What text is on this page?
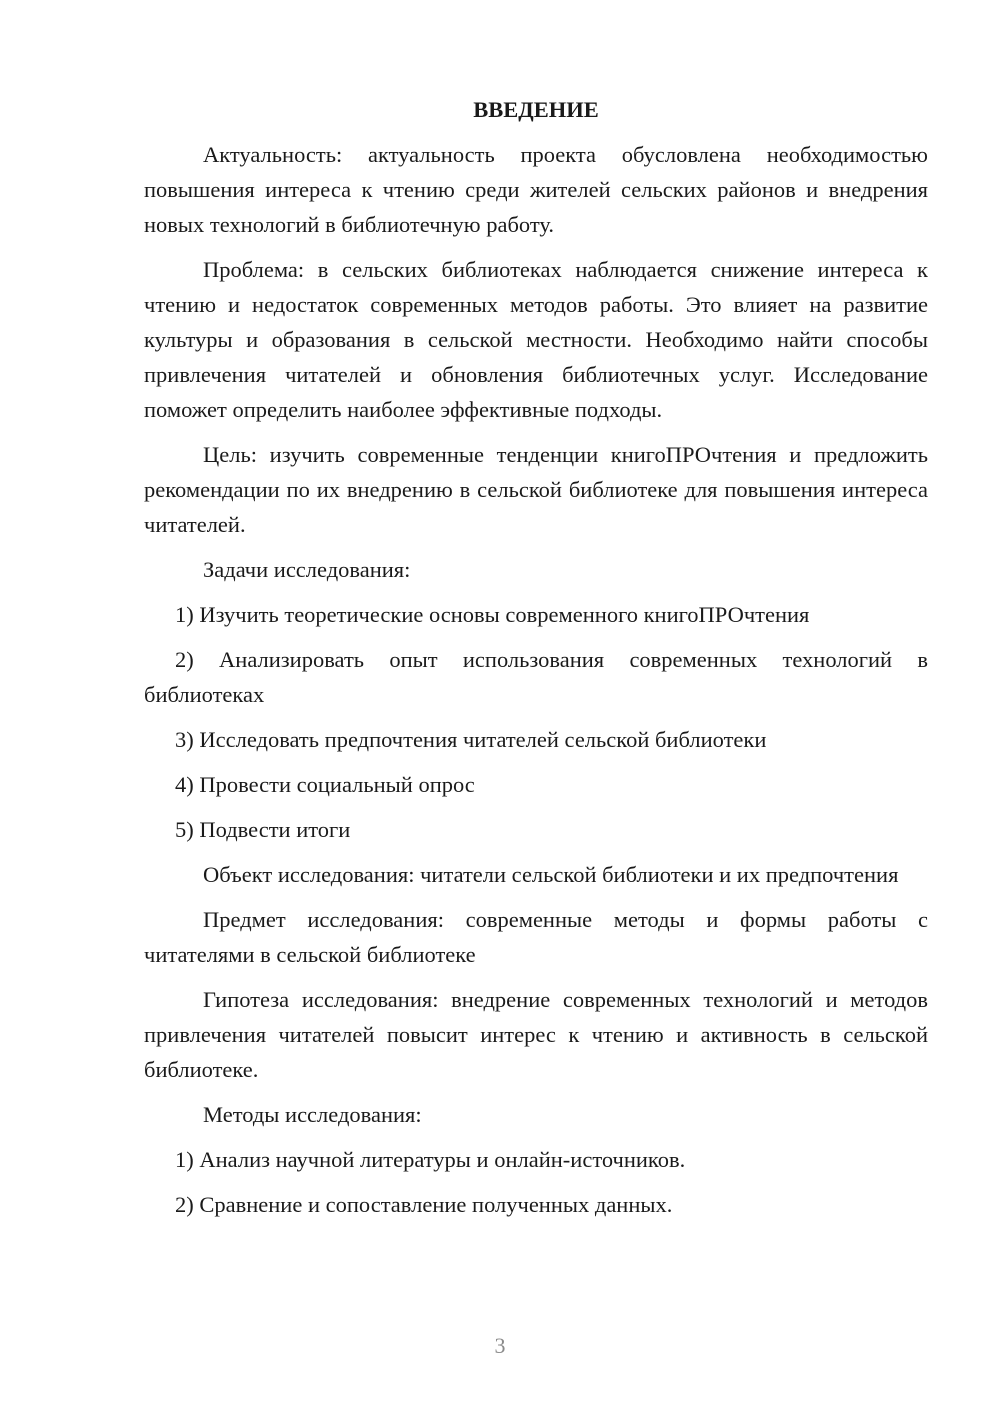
ВВЕДЕНИЕ

Актуальность: актуальность проекта обусловлена необходимостью повышения интереса к чтению среди жителей сельских районов и внедрения новых технологий в библиотечную работу.

Проблема: в сельских библиотеках наблюдается снижение интереса к чтению и недостаток современных методов работы. Это влияет на развитие культуры и образования в сельской местности. Необходимо найти способы привлечения читателей и обновления библиотечных услуг. Исследование поможет определить наиболее эффективные подходы.

Цель: изучить современные тенденции книгоПРОчтения и предложить рекомендации по их внедрению в сельской библиотеке для повышения интереса читателей.

Задачи исследования:

1) Изучить теоретические основы современного книгоПРОчтения

2) Анализировать опыт использования современных технологий в библиотеках

3) Исследовать предпочтения читателей сельской библиотеки

4) Провести социальный опрос

5) Подвести итоги

Объект исследования: читатели сельской библиотеки и их предпочтения

Предмет исследования: современные методы и формы работы с читателями в сельской библиотеке

Гипотеза исследования: внедрение современных технологий и методов привлечения читателей повысит интерес к чтению и активность в сельской библиотеке.

Методы исследования:

1) Анализ научной литературы и онлайн-источников.

2) Сравнение и сопоставление полученных данных.

3
